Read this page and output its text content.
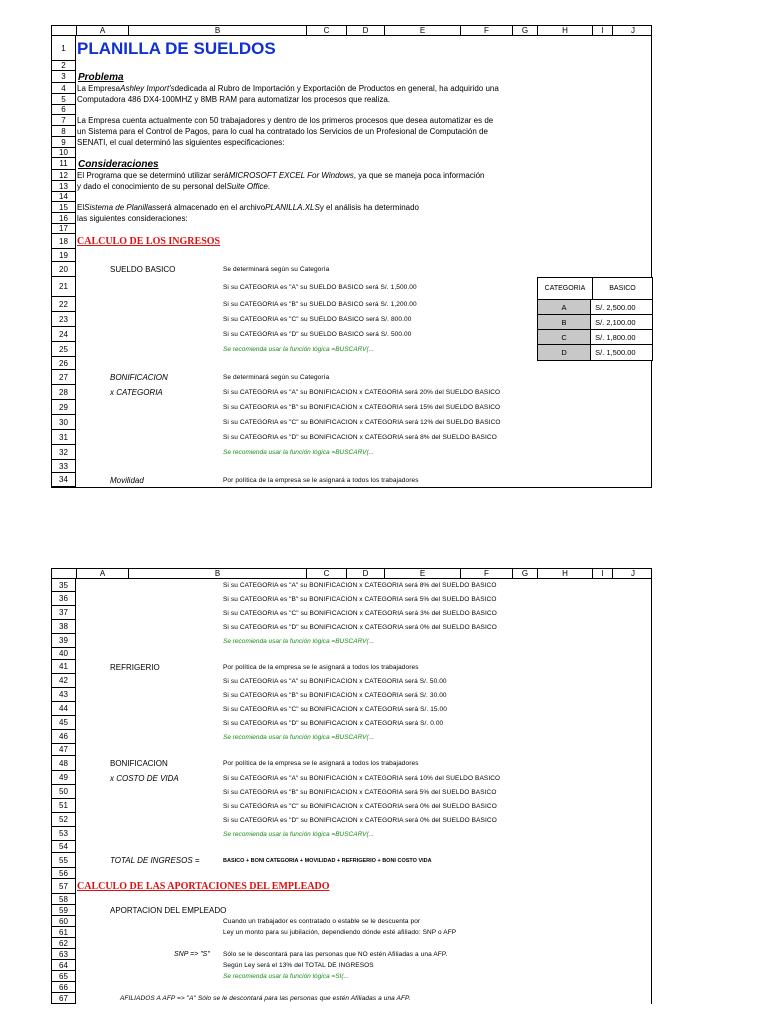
A	B	C	D	E	F	G	H	I	J
1 PLANILLA DE SUELDOS
2
3	Problema
4	La Empresa Ashley Import's dedicada al Rubro de Importación y Exportación de Productos en general, ha adquirido una
5	Computadora 486 DX4-100MHZ y 8MB RAM para automatizar los procesos que realiza.
6
7	La Empresa cuenta actualmente con 50 trabajadores y dentro de los primeros procesos que desea automatizar es de
8	un Sistema para el Control de Pagos, para lo cual ha contratado los Servicios de un Profesional de Computación de
9	SENATI, el cual determinó las siguientes especificaciones:
10
11	Consideraciones
12	El Programa que se determinó utilizar será MICROSOFT EXCEL For Windows , ya que se maneja poca información
13	y dado el conocimiento de su personal del Suite Office .
14
15	El Sistema de Planillas será almacenado en el archivo PLANILLA.XLS y el análisis ha determinado
16	las siguientes consideraciones:
17
18 CALCULO DE LOS INGRESOS
19
20	SUELDO BASICO	Se determinará según su Categoría
21	Si su CATEGORIA es "A" su SUELDO BASICO será S/. 1,500.00	CATEGORIA	BASICO
A	S/. 2,500.00
B	S/. 2,100.00
C	S/. 1,800.00
D	S/. 1,500.00
22	Si su CATEGORIA es "B" su SUELDO BASICO será S/. 1,200.00
23	Si su CATEGORIA es "C" su SUELDO BASICO será S/. 800.00
24	Si su CATEGORIA es "D" su SUELDO BASICO será S/. 500.00
25	Se recomienda usar la función lógica =BUSCARV(...
26
27	BONIFICACION	Se determinará según su Categoría
28	x CATEGORIA	Si su CATEGORIA es "A" su BONIFICACION x CATEGORIA será 20% del SUELDO BASICO
29	Si su CATEGORIA es "B" su BONIFICACION x CATEGORIA será 15% del SUELDO BASICO
30	Si su CATEGORIA es "C" su BONIFICACION x CATEGORIA será 12% del SUELDO BASICO
31	Si su CATEGORIA es "D" su BONIFICACION x CATEGORIA será 8% del SUELDO BASICO
32	Se recomienda usar la función lógica =BUSCARV(...
33
34	Movilidad	Por política de la empresa se le asignará a todos los trabajadores
A	B	C	D	E	F	G	H	I	J
35	Si su CATEGORIA es "A" su BONIFICACION x CATEGORIA será 8% del SUELDO BASICO
36	Si su CATEGORIA es "B" su BONIFICACION x CATEGORIA será 5% del SUELDO BASICO
37	Si su CATEGORIA es "C" su BONIFICACION x CATEGORIA será 3% del SUELDO BASICO
38	Si su CATEGORIA es "D" su BONIFICACION x CATEGORIA será 0% del SUELDO BASICO
39	Se recomienda usar la función lógica =BUSCARV(...
40
41	REFRIGERIO	Por política de la empresa se le asignará a todos los trabajadores
42	Si su CATEGORIA es "A" su BONIFICACION x CATEGORIA será S/. 50.00
43	Si su CATEGORIA es "B" su BONIFICACION x CATEGORIA será S/. 30.00
44	Si su CATEGORIA es "C" su BONIFICACION x CATEGORIA será S/. 15.00
45	Si su CATEGORIA es "D" su BONIFICACION x CATEGORIA será S/. 0.00
46	Se recomienda usar la función lógica =BUSCARV(...
47
48	BONIFICACION	Por política de la empresa se le asignará a todos los trabajadores
49	x COSTO DE VIDA	Si su CATEGORIA es "A" su BONIFICACION x CATEGORIA será 10% del SUELDO BASICO
50	Si su CATEGORIA es "B" su BONIFICACION x CATEGORIA será 5% del SUELDO BASICO
51	Si su CATEGORIA es "C" su BONIFICACION x CATEGORIA será 0% del SUELDO BASICO
52	Si su CATEGORIA es "D" su BONIFICACION x CATEGORIA será 0% del SUELDO BASICO
53	Se recomienda usar la función lógica =BUSCARV(...
54
55	TOTAL DE INGRESOS =	BASICO + BONI CATEGORIA + MOVILIDAD + REFRIGERIO + BONI COSTO VIDA
56
57 CALCULO DE LAS APORTACIONES DEL EMPLEADO
58
59	APORTACION DEL EMPLEADO
60	Cuando un trabajador es contratado o estable se le descuenta por
61	Ley un monto para su jubilación, dependiendo dónde esté afiliado: SNP o AFP
62
63	SNP => "S" Sólo se le descontará para las personas que NO estén Afiliadas a una AFP.
64	Según Ley será el 13% del TOTAL DE INGRESOS
65	Se recomienda usar la función lógica =SI(...
66
67	AFILIADOS A AFP => "A" Sólo se le descontará para las personas que estén Afiliadas a una AFP.
